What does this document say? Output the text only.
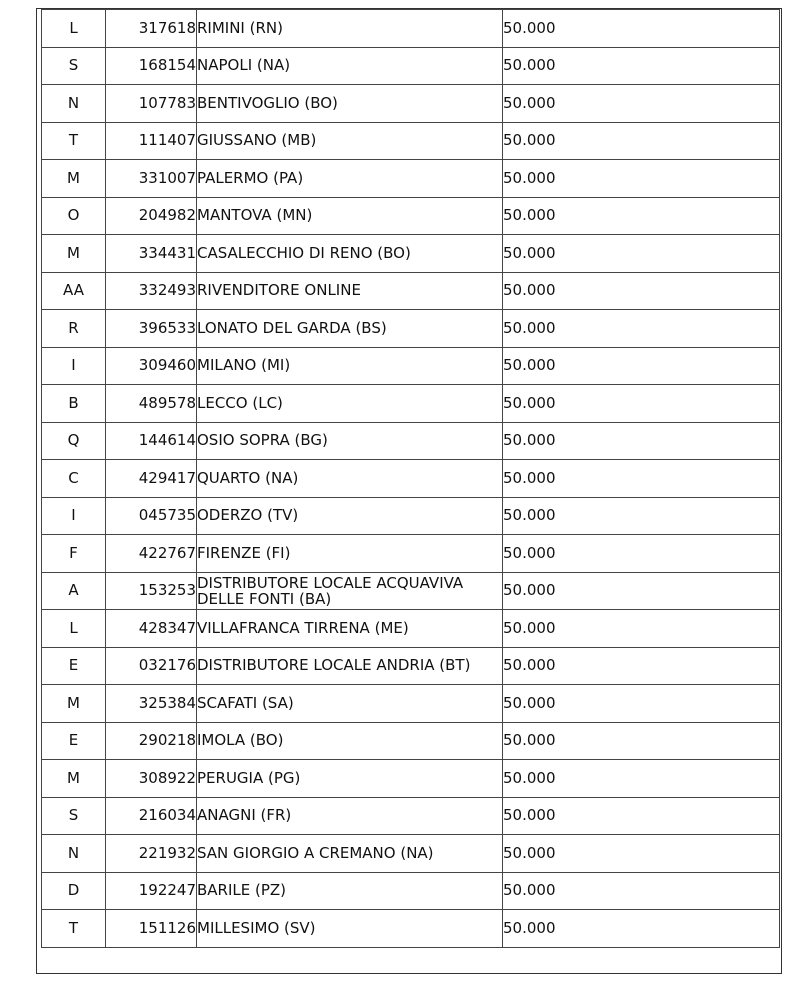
L	317618	RIMINI (RN)	50.000
S	168154	NAPOLI (NA)	50.000
N	107783	BENTIVOGLIO (BO)	50.000
T	111407	GIUSSANO (MB)	50.000
M	331007	PALERMO (PA)	50.000
O	204982	MANTOVA (MN)	50.000
M	334431	CASALECCHIO DI RENO (BO)	50.000
AA	332493	RIVENDITORE ONLINE	50.000
R	396533	LONATO DEL GARDA (BS)	50.000
I	309460	MILANO (MI)	50.000
B	489578	LECCO (LC)	50.000
Q	144614	OSIO SOPRA (BG)	50.000
C	429417	QUARTO (NA)	50.000
I	045735	ODERZO (TV)	50.000
F	422767	FIRENZE (FI)	50.000
A	153253	DISTRIBUTORE LOCALE ACQUAVIVA DELLE FONTI (BA)	50.000
L	428347	VILLAFRANCA TIRRENA (ME)	50.000
E	032176	DISTRIBUTORE LOCALE ANDRIA (BT)	50.000
M	325384	SCAFATI (SA)	50.000
E	290218	IMOLA (BO)	50.000
M	308922	PERUGIA (PG)	50.000
S	216034	ANAGNI (FR)	50.000
N	221932	SAN GIORGIO A CREMANO (NA)	50.000
D	192247	BARILE (PZ)	50.000
T	151126	MILLESIMO (SV)	50.000
